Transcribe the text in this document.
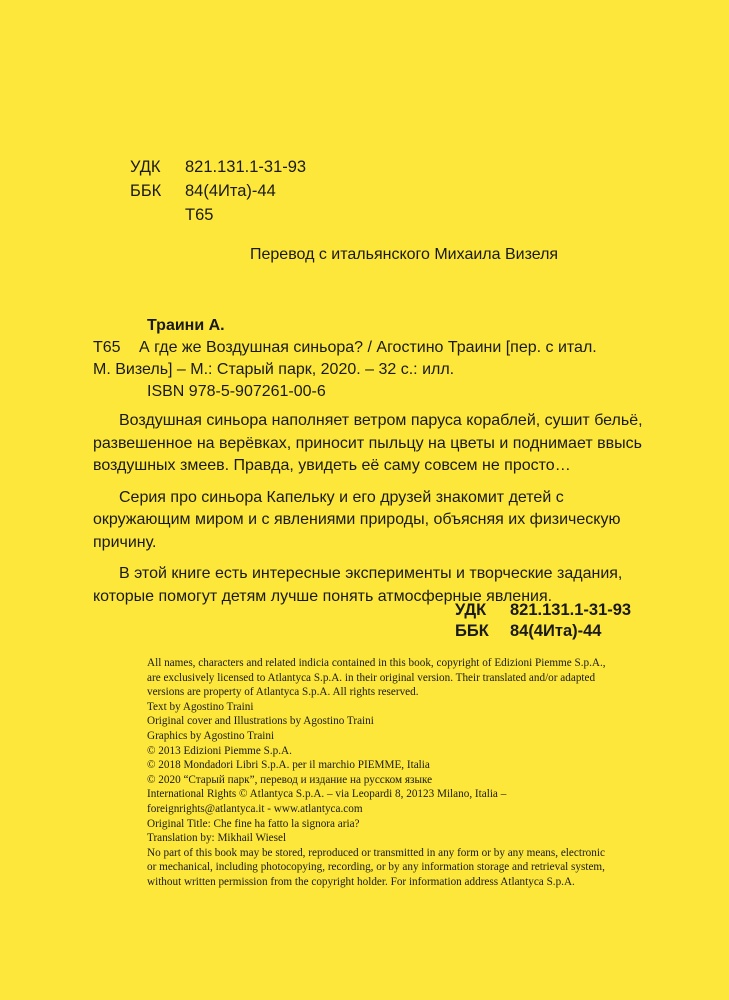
УДК	821.131.1-31-93
ББК	84(4Ита)-44
Т65
Перевод с итальянского Михаила Визеля
Траини А.
Т65	А где же Воздушная синьора? / Агостино Траини [пер. с итал.
М. Визель] – М.: Старый парк, 2020. – 32 с.: илл.
ISBN 978-5-907261-00-6

Воздушная синьора наполняет ветром паруса кораблей, сушит бельё, развешенное на верёвках, приносит пыльцу на цветы и поднимает ввысь воздушных змеев. Правда, увидеть её саму совсем не просто…

Серия про синьора Капельку и его друзей знакомит детей с окружающим миром и с явлениями природы, объясняя их физическую причину.

В этой книге есть интересные эксперименты и творческие задания, которые помогут детям лучше понять атмосферные явления.

УДК	821.131.1-31-93
ББК	84(4Ита)-44
All names, characters and related indicia contained in this book, copyright of Edizioni Piemme S.p.A.,
are exclusively licensed to Atlantyca S.p.A. in their original version. Their translated and/or adapted
versions are property of Atlantyca S.p.A. All rights reserved.
Text by Agostino Traini
Original cover and Illustrations by Agostino Traini
Graphics by Agostino Traini
© 2013 Edizioni Piemme S.p.A.
© 2018 Mondadori Libri S.p.A. per il marchio PIEMME, Italia
© 2020 “Старый парк”, перевод и издание на русском языке
International Rights © Atlantyca S.p.A. – via Leopardi 8, 20123 Milano, Italia –
foreignrights@atlantyca.it - www.atlantyca.com
Original Title: Che fine ha fatto la signora aria?
Translation by: Mikhail Wiesel
No part of this book may be stored, reproduced or transmitted in any form or by any means, electronic
or mechanical, including photocopying, recording, or by any information storage and retrieval system,
without written permission from the copyright holder. For information address Atlantyca S.p.A.
